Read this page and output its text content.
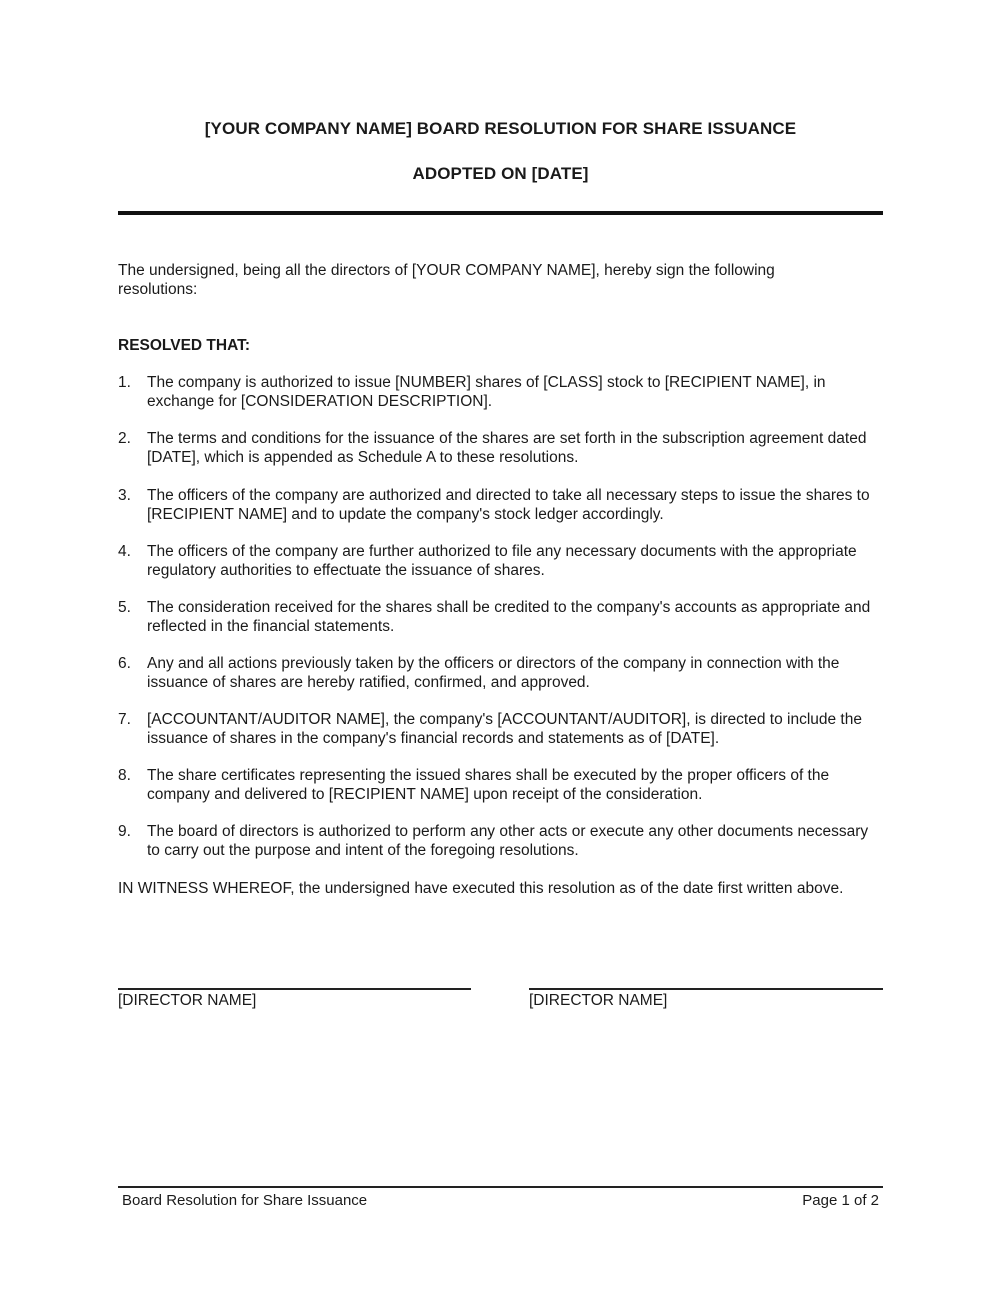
[YOUR COMPANY NAME] BOARD RESOLUTION FOR SHARE ISSUANCE
ADOPTED ON [DATE]
The undersigned, being all the directors of [YOUR COMPANY NAME], hereby sign the following resolutions:
RESOLVED THAT:
1. The company is authorized to issue [NUMBER] shares of [CLASS] stock to [RECIPIENT NAME], in exchange for [CONSIDERATION DESCRIPTION].
2. The terms and conditions for the issuance of the shares are set forth in the subscription agreement dated [DATE], which is appended as Schedule A to these resolutions.
3. The officers of the company are authorized and directed to take all necessary steps to issue the shares to [RECIPIENT NAME] and to update the company's stock ledger accordingly.
4. The officers of the company are further authorized to file any necessary documents with the appropriate regulatory authorities to effectuate the issuance of shares.
5. The consideration received for the shares shall be credited to the company's accounts as appropriate and reflected in the financial statements.
6. Any and all actions previously taken by the officers or directors of the company in connection with the issuance of shares are hereby ratified, confirmed, and approved.
7. [ACCOUNTANT/AUDITOR NAME], the company's [ACCOUNTANT/AUDITOR], is directed to include the issuance of shares in the company's financial records and statements as of [DATE].
8. The share certificates representing the issued shares shall be executed by the proper officers of the company and delivered to [RECIPIENT NAME] upon receipt of the consideration.
9. The board of directors is authorized to perform any other acts or execute any other documents necessary to carry out the purpose and intent of the foregoing resolutions.
IN WITNESS WHEREOF, the undersigned have executed this resolution as of the date first written above.
[DIRECTOR NAME]	[DIRECTOR NAME]
Board Resolution for Share Issuance	Page 1 of 2
